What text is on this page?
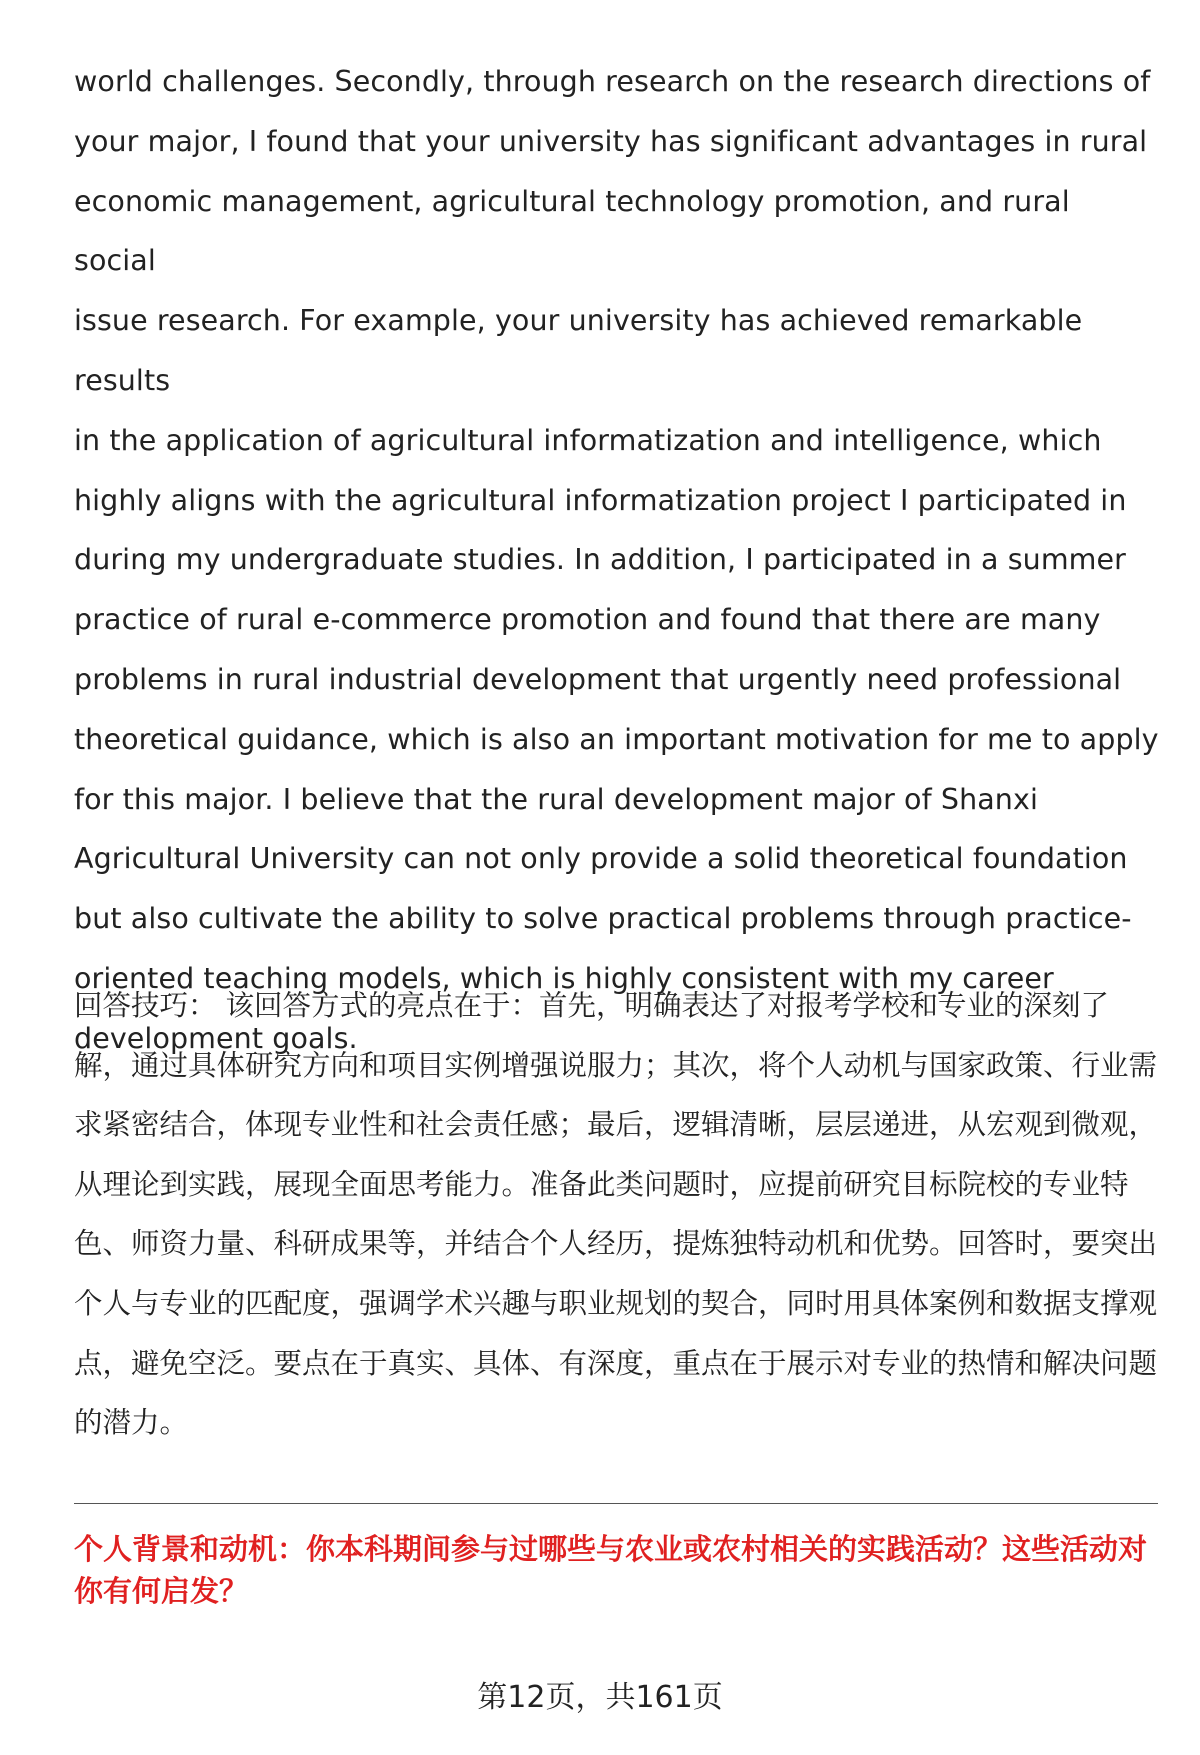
world challenges. Secondly, through research on the research directions of
your major, I found that your university has significant advantages in rural
economic management, agricultural technology promotion, and rural social
issue research. For example, your university has achieved remarkable results
in the application of agricultural informatization and intelligence, which
highly aligns with the agricultural informatization project I participated in
during my undergraduate studies. In addition, I participated in a summer
practice of rural e-commerce promotion and found that there are many
problems in rural industrial development that urgently need professional
theoretical guidance, which is also an important motivation for me to apply
for this major. I believe that the rural development major of Shanxi
Agricultural University can not only provide a solid theoretical foundation
but also cultivate the ability to solve practical problems through practice-
oriented teaching models, which is highly consistent with my career
development goals.

回答技巧： 该回答方式的亮点在于：首先，明确表达了对报考学校和专业的深刻了解，通过具体研究方向和项目实例增强说服力；其次，将个人动机与国家政策、行业需求紧密结合，体现专业性和社会责任感；最后，逻辑清晰，层层递进，从宏观到微观，从理论到实践，展现全面思考能力。准备此类问题时，应提前研究目标院校的专业特色、师资力量、科研成果等，并结合个人经历，提炼独特动机和优势。回答时，要突出个人与专业的匹配度，强调学术兴趣与职业规划的契合，同时用具体案例和数据支撑观点，避免空泛。要点在于真实、具体、有深度，重点在于展示对专业的热情和解决问题的潜力。

个人背景和动机：你本科期间参与过哪些与农业或农村相关的实践活动？这些活动对你有何启发？

第12页，共161页
